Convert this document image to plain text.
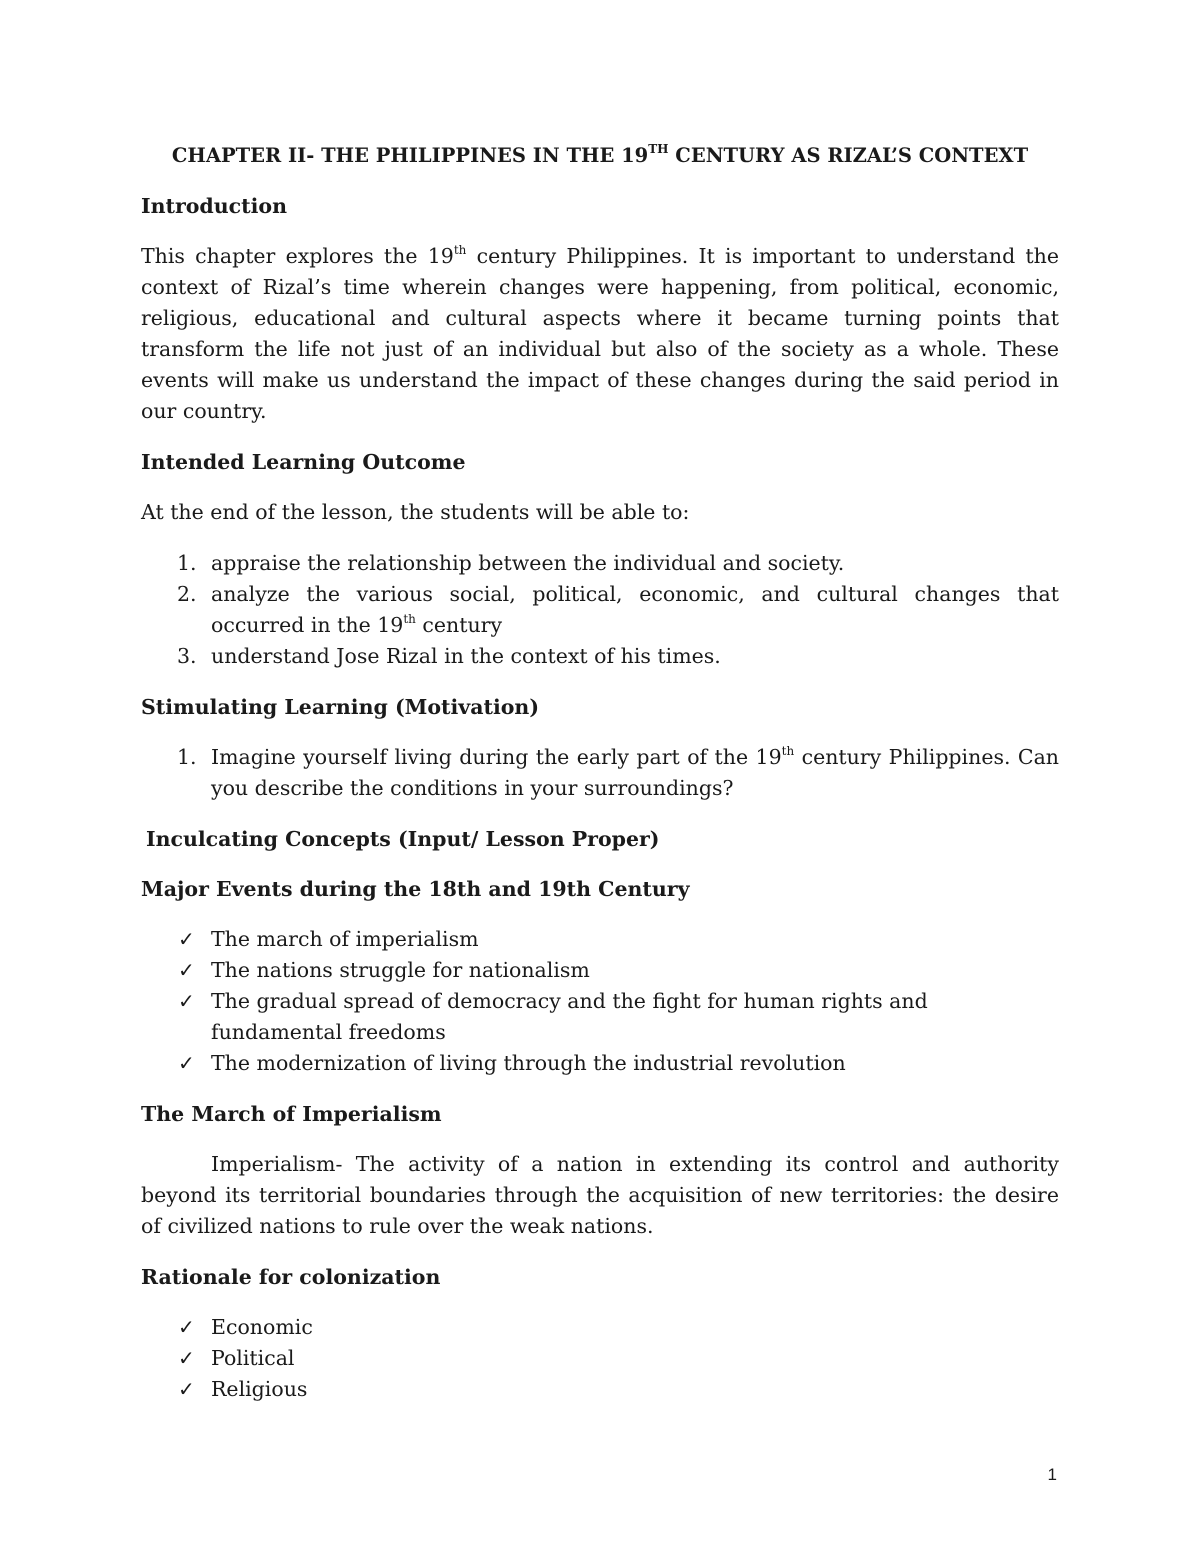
CHAPTER II- THE PHILIPPINES IN THE 19TH CENTURY AS RIZAL’S CONTEXT
Introduction

This chapter explores the 19th century Philippines. It is important to understand the context of Rizal’s time wherein changes were happening, from political, economic, religious, educational and cultural aspects where it became turning points that transform the life not just of an individual but also of the society as a whole. These events will make us understand the impact of these changes during the said period in our country.

Intended Learning Outcome

At the end of the lesson, the students will be able to:

1. appraise the relationship between the individual and society.
2. analyze the various social, political, economic, and cultural changes that occurred in the 19th century
3. understand Jose Rizal in the context of his times.
Stimulating Learning (Motivation)
1. Imagine yourself living during the early part of the 19th century Philippines. Can you describe the conditions in your surroundings?
Inculcating Concepts (Input/ Lesson Proper)
Major Events during the 18th and 19th Century
✓ The march of imperialism
✓ The nations struggle for nationalism
✓ The gradual spread of democracy and the fight for human rights and fundamental freedoms
✓ The modernization of living through the industrial revolution
The March of Imperialism

Imperialism- The activity of a nation in extending its control and authority beyond its territorial boundaries through the acquisition of new territories: the desire of civilized nations to rule over the weak nations.

Rationale for colonization
✓ Economic
✓ Political
✓ Religious
1
